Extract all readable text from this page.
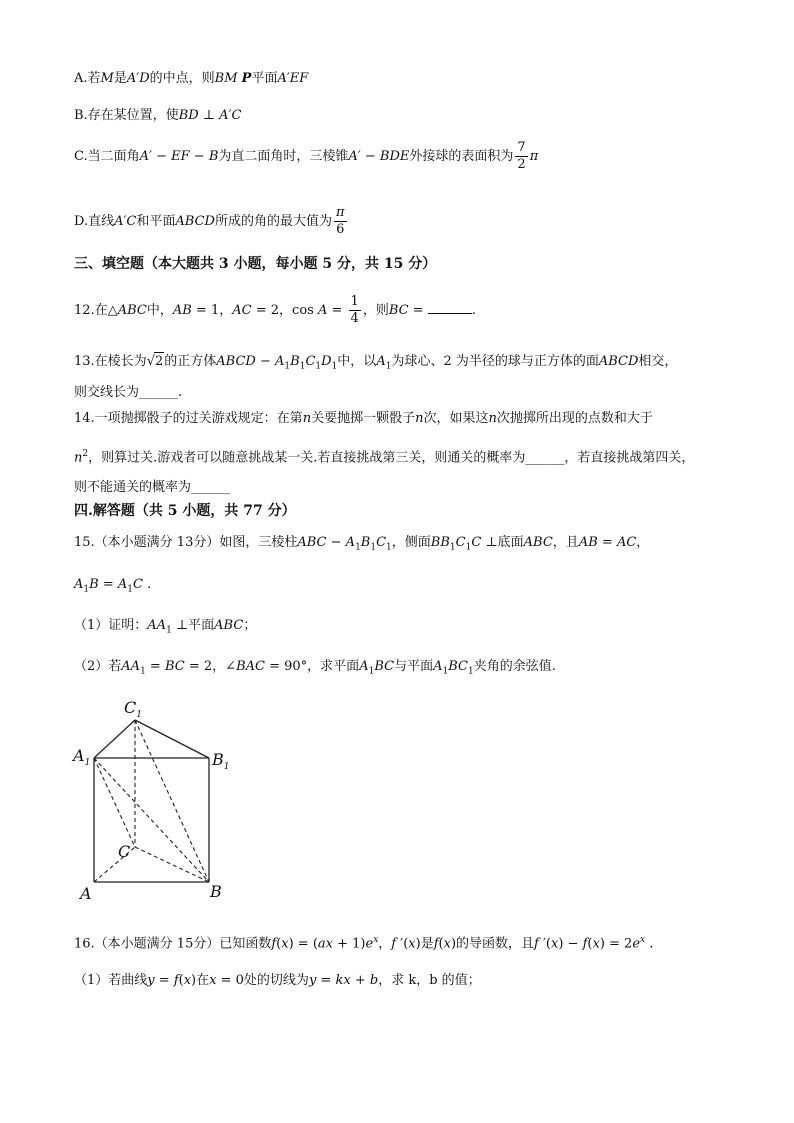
A.若M是A′D的中点，则BM P平面A′EF
B.存在某位置，使BD ⊥ A′C
C.当二面角A′ − EF − B为直二面角时，三棱锥A′ − BDE外接球的表面积为 $\frac{7}{2}$ π
D.直线A′C和平面ABCD所成的角的最大值为 $\frac{\pi}{6}$
三、填空题（本大题共 3 小题，每小题 5 分，共 15 分）
12.在△ABC中，AB = 1，AC = 2，$\cos A = \frac{1}{4}$ ，则BC =	.
13.在棱长为√2的正方体ABCD − $A_1B_1C_1D_1$中，以$A_1$为球心、2 为半径的球与正方体的面ABCD相交，
则交线长为______.
14.一项抛掷骰子的过关游戏规定：在第n关要抛掷一颗骰子n次，如果这n次抛掷所出现的点数和大于
$n^2$，则算过关.游戏者可以随意挑战某一关.若直接挑战第三关，则通关的概率为______，若直接挑战第四关，
则不能通关的概率为______
四.解答题（共 5 小题，共 77 分）
15.（本小题满分 13分）如图，三棱柱ABC − $A_1B_1C_1$，侧面$BB_1C_1C$ ⊥底面ABC，且AB = AC，
$A_1B = A_1C$ .
（1）证明：$AA_1$ ⊥平面ABC；
（2）若$AA_1$ = BC = 2，∠BAC = 90°，求平面$A_1BC$与平面$A_1BC_1$夹角的余弦值.
$C_1$
$A_1$	$B_1$
C
A	B
16.（本小题满分 15分）已知函数$f(x) = (ax + 1)e^x$，f ′(x)是f(x)的导函数，且f $'(x) - f(x) = 2e^x$ .
（1）若曲线y = f(x)在x = 0处的切线为y = kx + b，求 k，b 的值；
